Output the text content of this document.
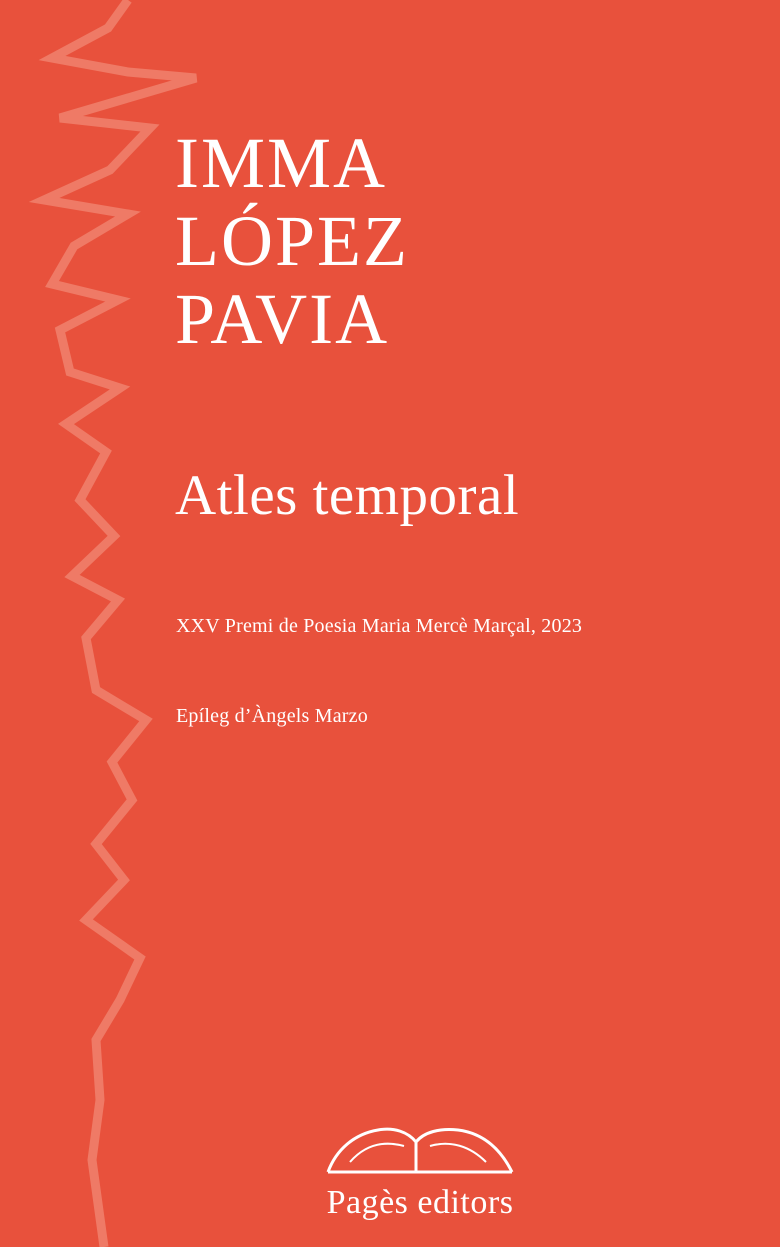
IMMA
LÓPEZ
PAVIA
Atles temporal
XXV Premi de Poesia Maria Mercè Marçal, 2023
Epíleg d’Àngels Marzo
Pagès editors
